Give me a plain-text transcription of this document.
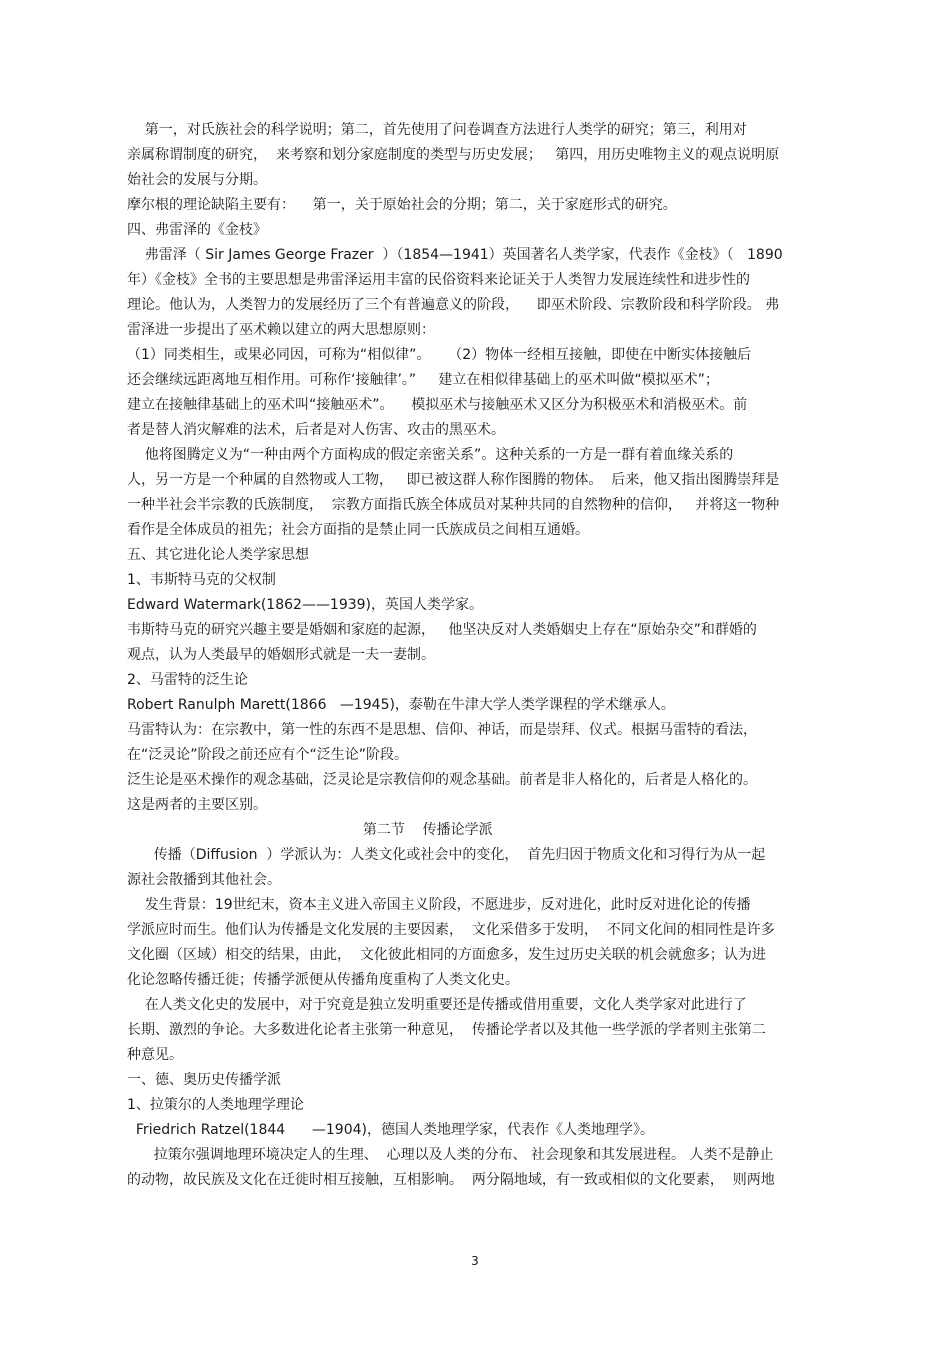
第一，对氏族社会的科学说明；第二，首先使用了问卷调查方法进行人类学的研究；第三，利用对
亲属称谓制度的研究，  来考察和划分家庭制度的类型与历史发展；   第四，用历史唯物主义的观点说明原
始社会的发展与分期。
摩尔根的理论缺陷主要有：    第一，关于原始社会的分期；第二，关于家庭形式的研究。
四、弗雷泽的《金枝》
弗雷泽（ Sir James George Frazer  ）（1854—1941）英国著名人类学家，代表作《金枝》（   1890
年）《金枝》全书的主要思想是弗雷泽运用丰富的民俗资料来论证关于人类智力发展连续性和进步性的
理论。他认为，人类智力的发展经历了三个有普遍意义的阶段，    即巫术阶段、宗教阶段和科学阶段。 弗
雷泽进一步提出了巫术赖以建立的两大思想原则：
（1）同类相生，或果必同因，可称为“相似律”。    （2）物体一经相互接触，即使在中断实体接触后
还会继续远距离地互相作用。可称作‘接触律’。”     建立在相似律基础上的巫术叫做“模拟巫术”；
建立在接触律基础上的巫术叫“接触巫术”。    模拟巫术与接触巫术又区分为积极巫术和消极巫术。前
者是替人消灾解难的法术，后者是对人伤害、攻击的黑巫术。
他将图腾定义为“一种由两个方面构成的假定亲密关系”。这种关系的一方是一群有着血缘关系的
人，另一方是一个种属的自然物或人工物，   即已被这群人称作图腾的物体。  后来，他又指出图腾崇拜是
一种半社会半宗教的氏族制度，  宗教方面指氏族全体成员对某种共同的自然物种的信仰，   并将这一物种
看作是全体成员的祖先；社会方面指的是禁止同一氏族成员之间相互通婚。
五、其它进化论人类学家思想
1、韦斯特马克的父权制
Edward Watermark(1862——1939)，英国人类学家。
韦斯特马克的研究兴趣主要是婚姻和家庭的起源，   他坚决反对人类婚姻史上存在“原始杂交”和群婚的
观点，认为人类最早的婚姻形式就是一夫一妻制。
2、马雷特的泛生论
Robert Ranulph Marett(1866   —1945)，泰勒在牛津大学人类学课程的学术继承人。
马雷特认为：在宗教中，第一性的东西不是思想、信仰、神话，而是崇拜、仪式。根据马雷特的看法，
在“泛灵论”阶段之前还应有个“泛生论”阶段。
泛生论是巫术操作的观念基础，泛灵论是宗教信仰的观念基础。前者是非人格化的，后者是人格化的。
这是两者的主要区别。
第二节    传播论学派
传播（Diffusion  ）学派认为：人类文化或社会中的变化，  首先归因于物质文化和习得行为从一起
源社会散播到其他社会。
发生背景：19世纪末，资本主义进入帝国主义阶段，不愿进步，反对进化，此时反对进化论的传播
学派应时而生。他们认为传播是文化发展的主要因素，  文化采借多于发明，  不同文化间的相同性是许多
文化圈（区域）相交的结果，由此，  文化彼此相同的方面愈多，发生过历史关联的机会就愈多；认为进
化论忽略传播迁徙；传播学派便从传播角度重构了人类文化史。
在人类文化史的发展中，对于究竟是独立发明重要还是传播或借用重要，文化人类学家对此进行了
长期、激烈的争论。大多数进化论者主张第一种意见，  传播论学者以及其他一些学派的学者则主张第二
种意见。
一、德、奥历史传播学派
1、拉策尔的人类地理学理论
Friedrich Ratzel(1844      —1904)，德国人类地理学家，代表作《人类地理学》。
拉策尔强调地理环境决定人的生理、  心理以及人类的分布、 社会现象和其发展进程。 人类不是静止
的动物，故民族及文化在迁徙时相互接触，互相影响。  两分隔地域，有一致或相似的文化要素，  则两地
3
